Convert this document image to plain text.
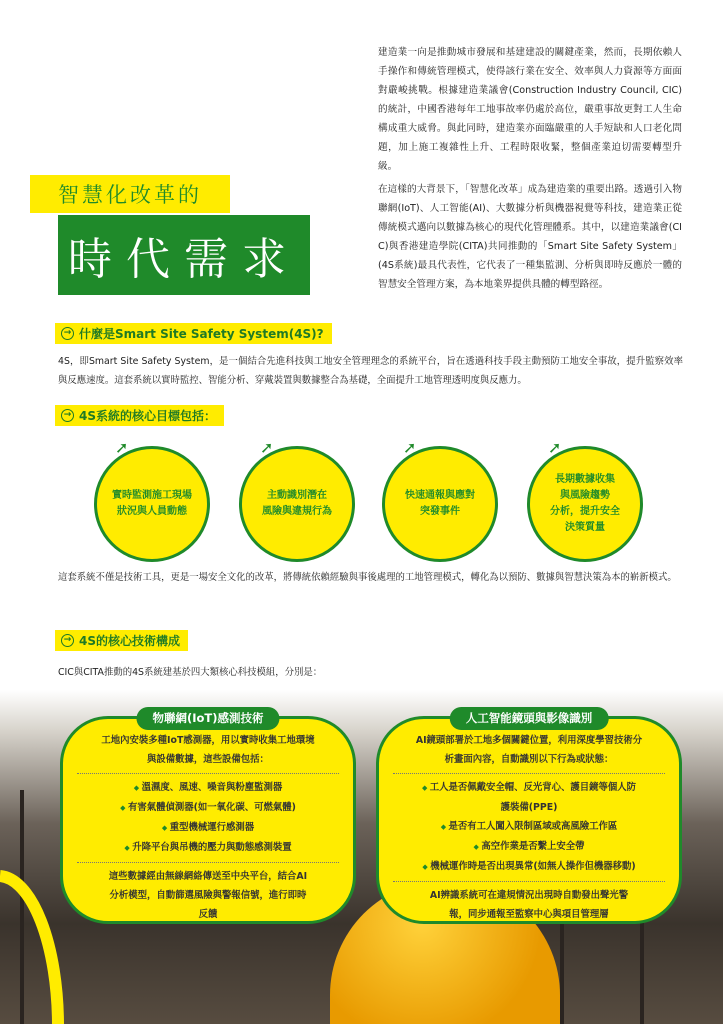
建造業一向是推動城市發展和基建建設的關鍵產業，然而，長期依賴人手操作和傳統管理模式，使得該行業在安全、效率與人力資源等方面面對嚴峻挑戰。根據建造業議會(Construction Industry Council, CIC)的統計，中國香港每年工地事故率仍處於高位，嚴重事故更對工人生命構成重大威脅。與此同時，建造業亦面臨嚴重的人手短缺和人口老化問題，加上施工複雜性上升、工程時限收緊，整個產業迫切需要轉型升級。

在這樣的大背景下，「智慧化改革」成為建造業的重要出路。透過引入物聯網(IoT)、人工智能(AI)、大數據分析與機器視覺等科技，建造業正從傳統模式邁向以數據為核心的現代化管理體系。其中，以建造業議會(CIC)與香港建造學院(CITA)共同推動的「Smart Site Safety System」(4S系統)最具代表性，它代表了一種集監測、分析與即時反應於一體的智慧安全管理方案，為本地業界提供具體的轉型路徑。

智慧化改革的
時代需求
→ 什麼是Smart Site Safety System(4S)?

4S，即Smart Site Safety System，是一個結合先進科技與工地安全管理理念的系統平台，旨在透過科技手段主動預防工地安全事故，提升監察效率與反應速度。這套系統以實時監控、智能分析、穿戴裝置與數據整合為基礎，全面提升工地管理透明度與反應力。

→ 4S系統的核心目標包括：
➚
實時監測施工現場
狀況與人員動態
➚
主動識別潛在
風險與違規行為
➚
快速通報與應對
突發事件
➚
長期數據收集
與風險趨勢
分析，提升安全
決策質量

這套系統不僅是技術工具，更是一場安全文化的改革，將傳統依賴經驗與事後處理的工地管理模式，轉化為以預防、數據與智慧決策為本的嶄新模式。

→ 4S的核心技術構成

CIC與CITA推動的4S系統建基於四大類核心科技模組，分別是：

物聯網(IoT)感測技術
工地內安裝多種IoT感測器，用以實時收集工地環境與設備數據，這些設備包括：
◆ 溫濕度、風速、噪音與粉塵監測器
◆ 有害氣體偵測器(如一氧化碳、可燃氣體)
◆ 重型機械運行感測器
◆ 升降平台與吊機的壓力與動態感測裝置
這些數據經由無線網絡傳送至中央平台，結合AI分析模型，自動篩選風險與警報信號，進行即時反饋
人工智能鏡頭與影像識別
AI鏡頭部署於工地多個關鍵位置，利用深度學習技術分析畫面內容，自動識別以下行為或狀態：
◆ 工人是否佩戴安全帽、反光背心、護目鏡等個人防護裝備(PPE)
◆ 是否有工人闖入限制區域或高風險工作區
◆ 高空作業是否繫上安全帶
◆ 機械運作時是否出現異常(如無人操作但機器移動)
AI辨識系統可在違規情況出現時自動發出聲光警報，同步通報至監察中心與項目管理層
